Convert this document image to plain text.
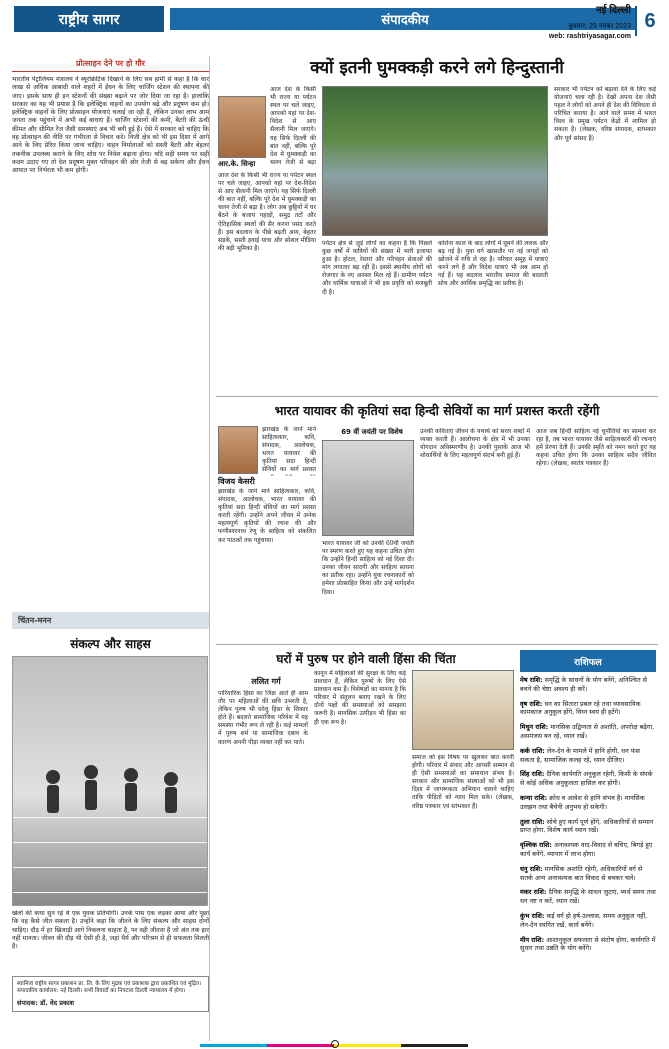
राष्ट्रीय सागर	संपादकीय
नई दिल्ली
बुधवार, 29 नवंबर 2023
web: rashtriyasagar.com
6
प्रोत्साहन देने पर हो गौर
भारतीय पेट्रोलियम मंत्रालय ने ब्यूरोक्रेटिक दिखाने के लिए सब हामी से कहा है कि चार लाख से अधिक आबादी वाले शहरों में ईंधन के लिए चार्जिंग स्टेशन की स्थापना की जाए। इसके साथ ही इन स्टेशनों की संख्या बढ़ाने पर जोर दिया जा रहा है। हालांकि सरकार का यह भी प्रयास है कि इलेक्ट्रिक वाहनों का उपयोग बढ़े और प्रदूषण कम हो। इलेक्ट्रिक वाहनों के लिए प्रोत्साहन योजनाएं चलाई जा रही हैं, लेकिन उनका लाभ आम जनता तक पहुंचाने में अभी कई बाधाएं हैं। चार्जिंग स्टेशनों की कमी, बैटरी की ऊंची कीमत और सीमित रेंज जैसी समस्याएं अब भी बनी हुई हैं। ऐसे में सरकार को चाहिए कि वह प्रोत्साहन की नीति पर गंभीरता से विचार करे। निजी क्षेत्र को भी इस दिशा में आगे आने के लिए प्रेरित किया जाना चाहिए। वाहन निर्माताओं को सस्ती बैटरी और बेहतर तकनीक उपलब्ध कराने के लिए शोध पर निवेश बढ़ाना होगा। यदि सही समय पर सही कदम उठाए गए तो देश प्रदूषण मुक्त परिवहन की ओर तेजी से बढ़ सकेगा और ईंधन आयात पर निर्भरता भी कम होगी।
चिंतन-मनन
संकल्प और साहस
खेलों की कथा सुन रहे थे एक युवक प्रतियोगी। उनके पास एक लड़का आया और पूछा कि वह कैसे जीत सकता है। उन्होंने कहा कि जीतने के लिए संकल्प और साहस दोनों चाहिए। दौड़ में हर खिलाड़ी आगे निकलना चाहता है, पर वही जीतता है जो अंत तक हार नहीं मानता। जीवन की दौड़ भी ऐसी ही है, जहां धैर्य और परिश्रम से ही सफलता मिलती है।
स्वामित्व राष्ट्रीय सागर प्रकाशन प्रा. लि. के लिए मुद्रक एवं प्रकाशक द्वारा प्रकाशित एवं मुद्रित। संपादकीय कार्यालय: नई दिल्ली। सभी विवादों का निपटारा दिल्ली न्यायालय में होगा।
संपादक: डॉ. वेद प्रकाश
क्यों इतनी घुमक्कड़ी करने लगे हिन्दुस्तानी
आर.के. सिन्हा
आज देश के किसी भी राज्य या पर्यटन स्थल पर चले जाइए, आपको यहां पर देश-विदेश से आए सैलानी मिल जाएंगे। यह सिर्फ दिल्ली की बात नहीं, बल्कि पूरे देश में घुमक्कड़ी का चलन तेजी से बढ़ा
आज देश के किसी भी राज्य या पर्यटन स्थल पर चले जाइए, आपको यहां पर देश-विदेश से आए सैलानी मिल जाएंगे। यह सिर्फ दिल्ली की बात नहीं, बल्कि पूरे देश में घुमक्कड़ी का चलन तेजी से बढ़ा है। लोग अब छुट्टियों में घर बैठने के बजाय पहाड़ों, समुद्र तटों और ऐतिहासिक स्थलों की सैर करना पसंद करते हैं। इस बदलाव के पीछे बढ़ती आय, बेहतर सड़कें, सस्ती हवाई यात्रा और सोशल मीडिया की बड़ी भूमिका है।
पर्यटन क्षेत्र से जुड़े लोगों का कहना है कि पिछले कुछ वर्षों में यात्रियों की संख्या में भारी इजाफा हुआ है। होटल, रेस्तरां और परिवहन सेवाओं की मांग लगातार बढ़ रही है। इससे स्थानीय लोगों को रोजगार के नए अवसर मिल रहे हैं। ग्रामीण पर्यटन और धार्मिक यात्राओं ने भी इस प्रवृत्ति को मजबूती दी है।
कोरोना काल के बाद लोगों में घूमने की ललक और बढ़ गई है। युवा वर्ग खासतौर पर नई जगहों को खोजने में रुचि ले रहा है। परिवार समूह में यात्राएं करने लगे हैं और विदेश यात्राएं भी अब आम हो गई हैं। यह बदलाव भारतीय समाज की बदलती सोच और आर्थिक समृद्धि का प्रतीक है।
सरकार भी पर्यटन को बढ़ावा देने के लिए कई योजनाएं चला रही है। देखो अपना देश जैसी पहल ने लोगों को अपने ही देश की विविधता से परिचित कराया है। आने वाले समय में भारत विश्व के प्रमुख पर्यटन केंद्रों में शामिल हो सकता है। (लेखक, वरिष्ठ संपादक, स्तंभकार और पूर्व सांसद हैं)
भारत यायावर की कृतियां सदा हिन्दी सेवियों का मार्ग प्रशस्त करती रहेंगी
विजय केसरी
झारखंड के जाने माने साहित्यकार, कवि, संपादक, आलोचक, भारत यायावर की कृतियां सदा हिन्दी सेवियों का मार्ग प्रशस्त
झारखंड के जाने माने साहित्यकार, कवि, संपादक, आलोचक, भारत यायावर की कृतियां सदा हिन्दी सेवियों का मार्ग प्रशस्त करती रहेंगी। उन्होंने अपने जीवन में अनेक महत्वपूर्ण कृतियों की रचना की और फणीश्वरनाथ रेणु के साहित्य को संकलित कर पाठकों तक पहुंचाया।
69 वीं जयंती पर विशेष
भारत यायावर जी को उनकी 69वीं जयंती पर स्मरण करते हुए यह कहना उचित होगा कि उन्होंने हिन्दी साहित्य को नई दिशा दी। उनका जीवन सादगी और साहित्य साधना का प्रतीक रहा। उन्होंने युवा रचनाकारों को हमेशा प्रोत्साहित किया और उन्हें मार्गदर्शन दिया।
उनकी कविताएं जीवन के यथार्थ को सरल शब्दों में व्यक्त करती हैं। आलोचना के क्षेत्र में भी उनका योगदान अविस्मरणीय है। उनकी पुस्तकें आज भी शोधार्थियों के लिए महत्वपूर्ण संदर्भ बनी हुई हैं।
आज जब हिन्दी साहित्य नई चुनौतियों का सामना कर रहा है, तब भारत यायावर जैसे साहित्यकारों की रचनाएं हमें प्रेरणा देती हैं। उनकी स्मृति को नमन करते हुए यह कहना उचित होगा कि उनका साहित्य सदैव जीवित रहेगा। (लेखक, स्वतंत्र पत्रकार हैं)
घरों में पुरुष पर होने वाली हिंसा की चिंता
ललित गर्ग
पारिवारिक हिंसा का जिक्र आते ही आम तौर पर महिलाओं की छवि उभरती है, लेकिन पुरुष भी घरेलू हिंसा के शिकार होते हैं। बदलते सामाजिक परिवेश में यह समस्या गंभीर रूप ले रही है। कई मामलों में पुरुष शर्म या सामाजिक दबाव के कारण अपनी पीड़ा व्यक्त नहीं कर पाते।
कानून में महिलाओं की सुरक्षा के लिए कई प्रावधान हैं, लेकिन पुरुषों के लिए ऐसे प्रावधान कम हैं। विशेषज्ञों का मानना है कि परिवार में संतुलन बनाए रखने के लिए दोनों पक्षों की समस्याओं को समझना जरूरी है। मानसिक उत्पीड़न भी हिंसा का ही एक रूप है।
समाज को इस विषय पर खुलकर बात करनी होगी। परिवार में संवाद और आपसी सम्मान से ही ऐसी समस्याओं का समाधान संभव है। सरकार और सामाजिक संस्थाओं को भी इस दिशा में जागरूकता अभियान चलाने चाहिए ताकि पीड़ितों को न्याय मिल सके। (लेखक, वरिष्ठ पत्रकार एवं स्तंभकार हैं)
राशिफल
मेष राशि: समृद्धि के साधनों के योग बनेंगे, अनिश्चित से बचने की चेष्टा अवश्य ही करें।
वृष राशि: धन का सितारा प्रबल रहे तथा व्यावसायिक कामकाज अनुकूल होंगे, विघ्न स्वयं ही हटेंगे।
मिथुन राशि: मानसिक उद्विग्नता से अशांति, अपरोक्ष बढ़ेगा, असमंजस बन रहे, ध्यान रखें।
कर्क राशि: लेन-देन के मामले में हानि होगी, धन फंस सकता है, सामाजिक कलह रहे, ध्यान दीजिए।
सिंह राशि: दैनिक कार्यगति अनुकूल रहेगी, किसी के संपर्क से कोई अधिक अनुकूलता हासिल कर होगी।
कन्या राशि: क्रोध व आवेश से हानि संभव है। मानसिक उलझन तथा बैचेनी अनुभव हो सकेगी।
तुला राशि: सोचे हुए कार्य पूर्ण होंगे, अधिकारियों से सम्मान प्राप्त होगा, विशेष कार्य ध्यान रखें।
वृश्चिक राशि: अनावश्यक वाद-विवाद से बचिए, बिगड़े हुए कार्य बनेंगे, व्यापार में लाभ होगा।
धनु राशि: मानसिक अशांति रहेगी, अधिकारियों वर्ग से सतर्क अन्य अनावश्यक बात विवाद से बचकर चलें।
मकर राशि: दैनिक समृद्धि के साधन जुटाएं, व्यर्थ समय तथा धन नष्ट न करें, ध्यान रखें।
कुंभ राशि: कई वर्ग हो हर्ष-उल्लास, समय अनुकूल नहीं, लेन-देन स्थगित रखें, कार्य बनेंगे।
मीन राशि: आशानुकूल सफलता से संतोष होगा, कार्यगति में सुधार तथा उन्नति के योग बनेंगे।
